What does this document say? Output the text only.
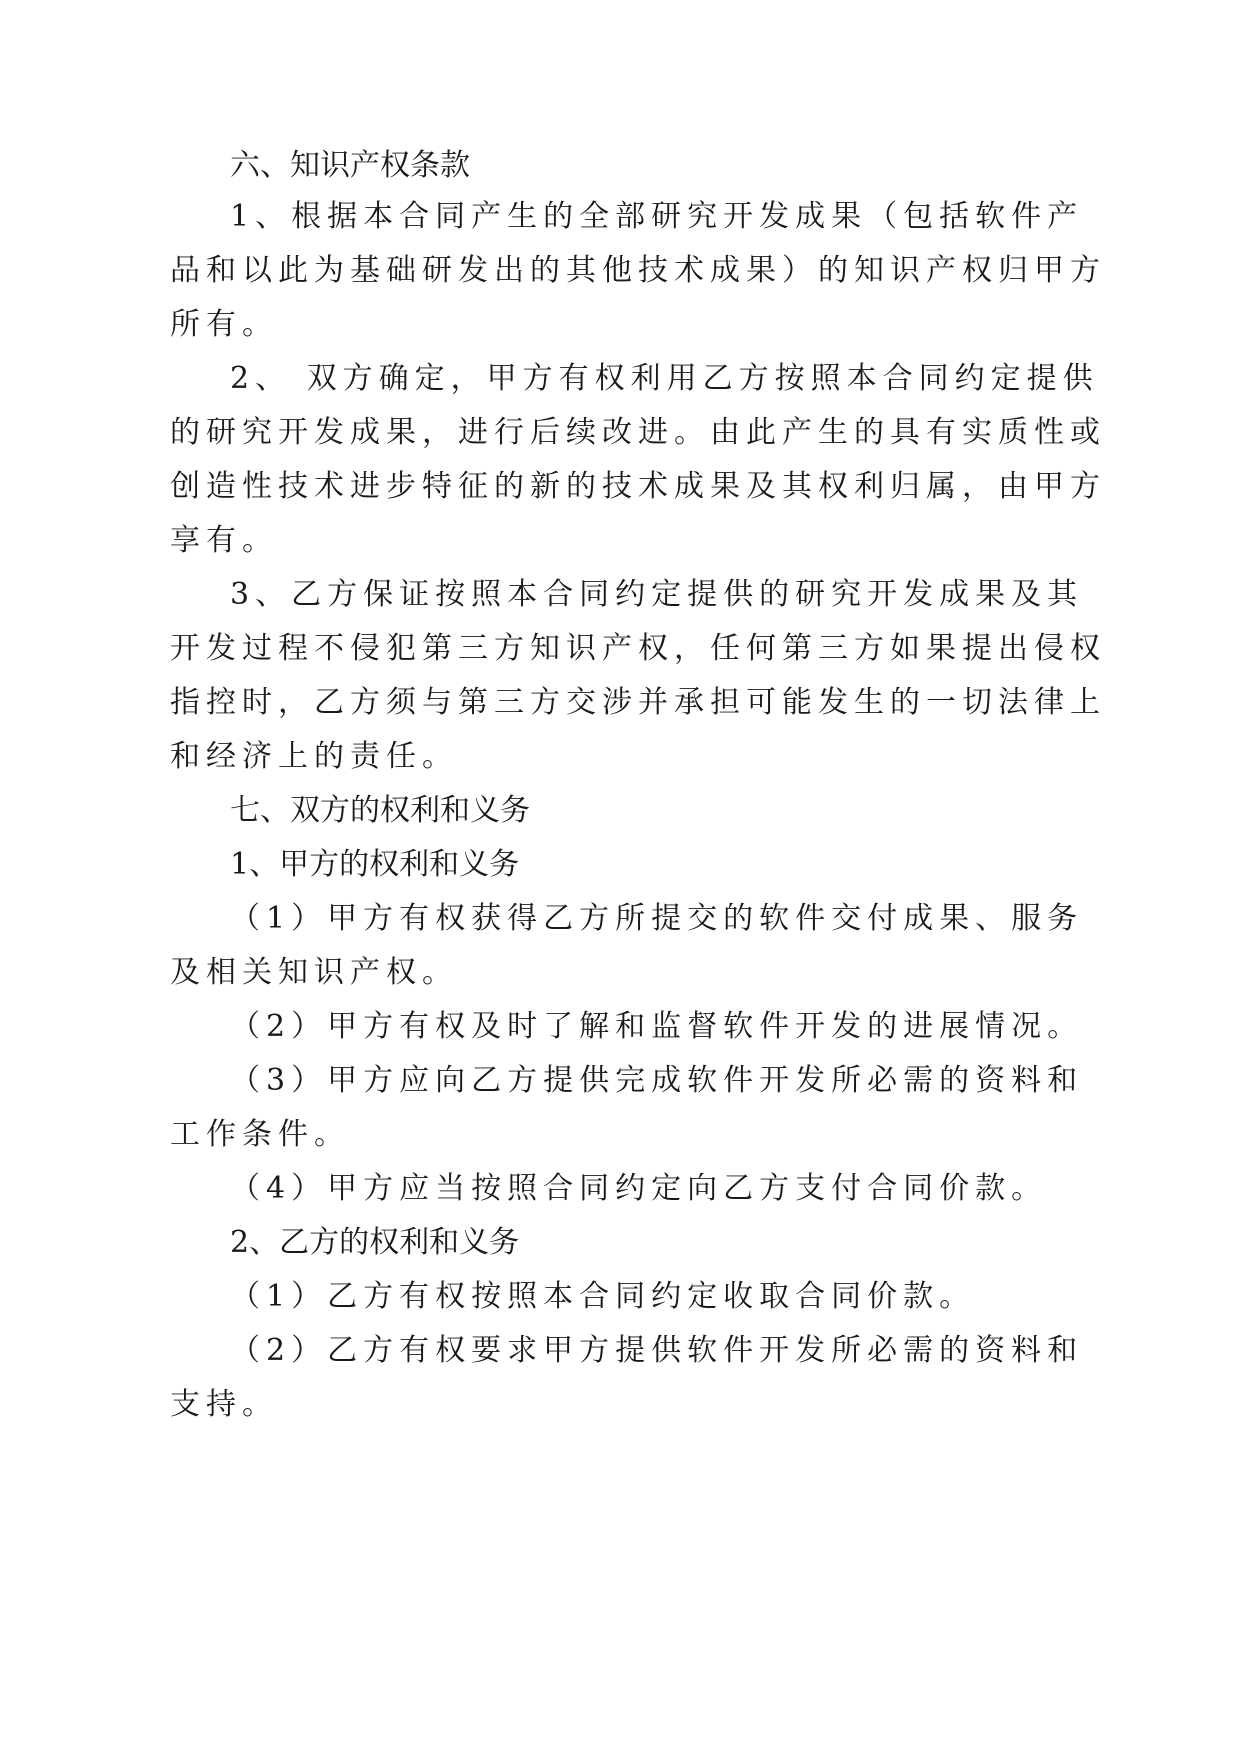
六、知识产权条款
1、根据本合同产生的全部研究开发成果（包括软件产
品和以此为基础研发出的其他技术成果）的知识产权归甲方
所有。
2、 双方确定，甲方有权利用乙方按照本合同约定提供
的研究开发成果，进行后续改进。由此产生的具有实质性或
创造性技术进步特征的新的技术成果及其权利归属，由甲方
享有。
3、乙方保证按照本合同约定提供的研究开发成果及其
开发过程不侵犯第三方知识产权，任何第三方如果提出侵权
指控时，乙方须与第三方交涉并承担可能发生的一切法律上
和经济上的责任。
七、双方的权利和义务
1、甲方的权利和义务
（1）甲方有权获得乙方所提交的软件交付成果、服务
及相关知识产权。
（2）甲方有权及时了解和监督软件开发的进展情况。
（3）甲方应向乙方提供完成软件开发所必需的资料和
工作条件。
（4）甲方应当按照合同约定向乙方支付合同价款。
2、乙方的权利和义务
（1）乙方有权按照本合同约定收取合同价款。
（2）乙方有权要求甲方提供软件开发所必需的资料和
支持。
